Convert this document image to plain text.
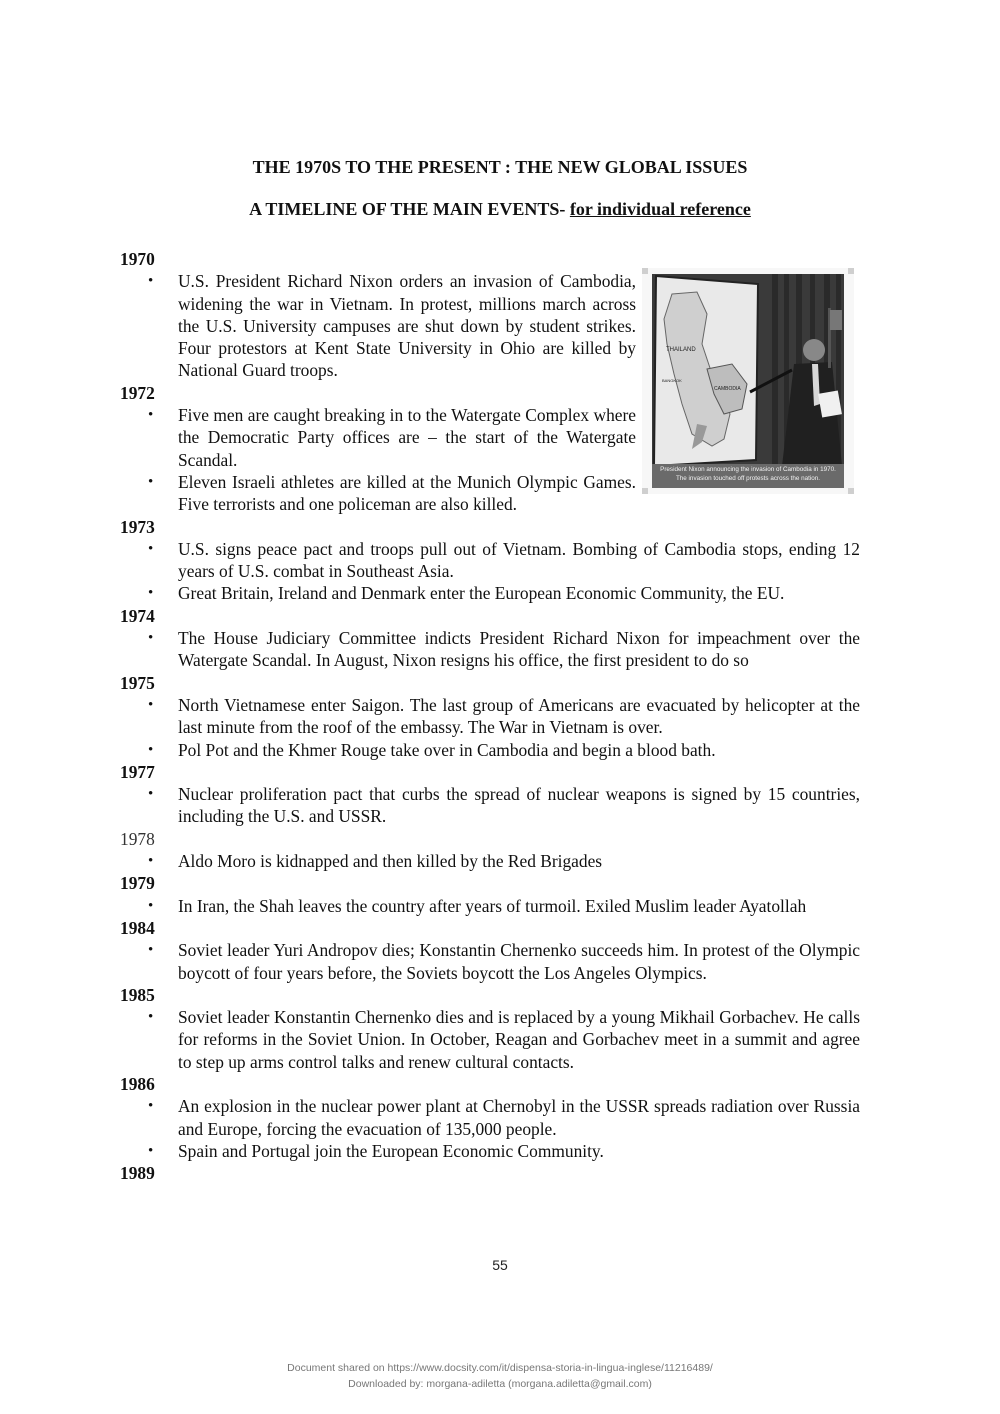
THE 1970S TO THE PRESENT : THE NEW GLOBAL ISSUES
A TIMELINE OF THE MAIN EVENTS- for individual reference
THAILAND
CAMBODIA
BANGKOK
President Nixon announcing the invasion of Cambodia in 1970.
The invasion touched off protests across the nation.
1970
• U.S. President Richard Nixon orders an invasion of Cambodia, widening the war in Vietnam. In protest, millions march across the U.S. University campuses are shut down by student strikes. Four protestors at Kent State University in Ohio are killed by National Guard troops.
1972
• Five men are caught breaking in to the Watergate Complex where the Democratic Party offices are – the start of the Watergate Scandal.
• Eleven Israeli athletes are killed at the Munich Olympic Games. Five terrorists and one policeman are also killed.
1973
• U.S. signs peace pact and troops pull out of Vietnam. Bombing of Cambodia stops, ending 12 years of U.S. combat in Southeast Asia.
• Great Britain, Ireland and Denmark enter the European Economic Community, the EU.
1974
• The House Judiciary Committee indicts President Richard Nixon for impeachment over the Watergate Scandal. In August, Nixon resigns his office, the first president to do so
1975
• North Vietnamese enter Saigon. The last group of Americans are evacuated by helicopter at the last minute from the roof of the embassy. The War in Vietnam is over.
• Pol Pot and the Khmer Rouge take over in Cambodia and begin a blood bath.
1977
• Nuclear proliferation pact that curbs the spread of nuclear weapons is signed by 15 countries, including the U.S. and USSR.
1978
• Aldo Moro is kidnapped and then killed by the Red Brigades
1979
• In Iran, the Shah leaves the country after years of turmoil. Exiled Muslim leader Ayatollah
1984
• Soviet leader Yuri Andropov dies; Konstantin Chernenko succeeds him. In protest of the Olympic boycott of four years before, the Soviets boycott the Los Angeles Olympics.
1985
• Soviet leader Konstantin Chernenko dies and is replaced by a young Mikhail Gorbachev. He calls for reforms in the Soviet Union. In October, Reagan and Gorbachev meet in a summit and agree to step up arms control talks and renew cultural contacts.
1986
• An explosion in the nuclear power plant at Chernobyl in the USSR spreads radiation over Russia and Europe, forcing the evacuation of 135,000 people.
• Spain and Portugal join the European Economic Community.
1989
55
Document shared on https://www.docsity.com/it/dispensa-storia-in-lingua-inglese/11216489/
Downloaded by: morgana-adiletta (morgana.adiletta@gmail.com)
